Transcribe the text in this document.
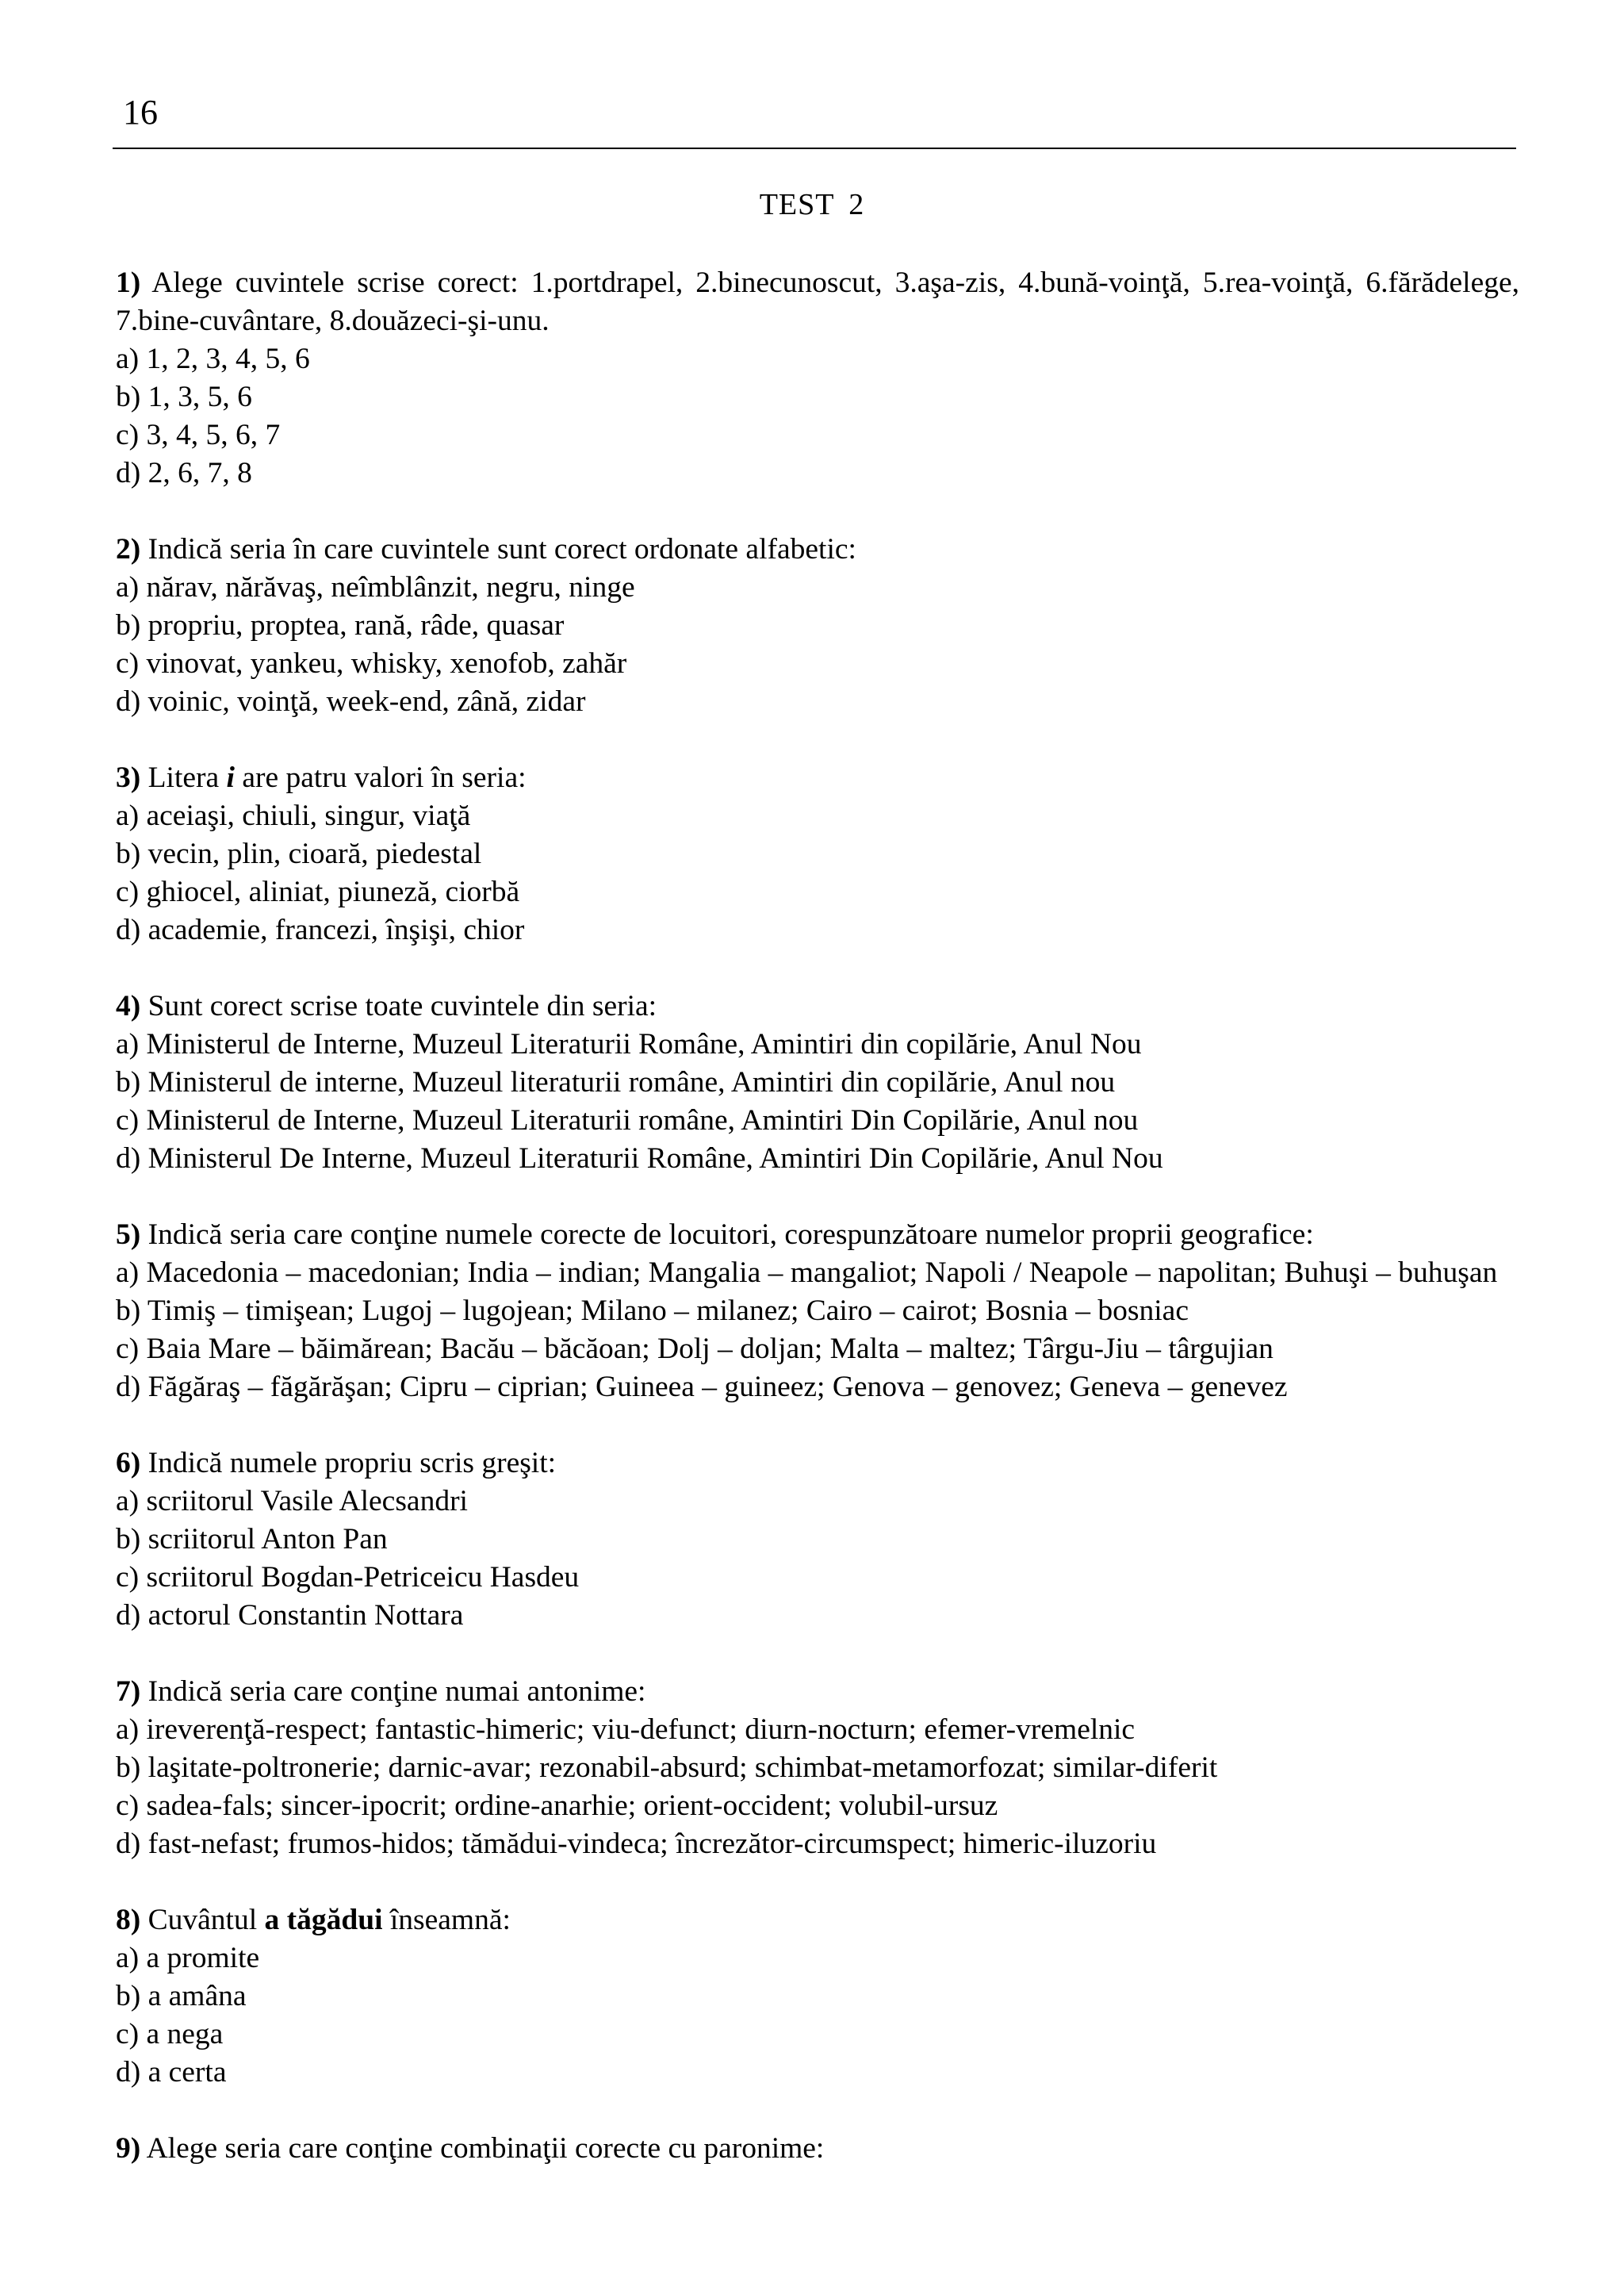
16
TEST 2
1) Alege cuvintele scrise corect: 1.portdrapel, 2.binecunoscut, 3.aşa-zis, 4.bună-voinţă, 5.rea-voinţă, 6.fărădelege, 7.bine-cuvântare, 8.douăzeci-şi-unu.
a) 1, 2, 3, 4, 5, 6
b) 1, 3, 5, 6
c) 3, 4, 5, 6, 7
d) 2, 6, 7, 8
2) Indică seria în care cuvintele sunt corect ordonate alfabetic:
a) nărav, nărăvaş, neîmblânzit, negru, ninge
b) propriu, proptea, rană, râde, quasar
c) vinovat, yankeu, whisky, xenofob, zahăr
d) voinic, voinţă, week-end, zână, zidar
3) Litera i are patru valori în seria:
a) aceiaşi, chiuli, singur, viaţă
b) vecin, plin, cioară, piedestal
c) ghiocel, aliniat, piuneză, ciorbă
d) academie, francezi, înşişi, chior
4) Sunt corect scrise toate cuvintele din seria:
a) Ministerul de Interne, Muzeul Literaturii Române, Amintiri din copilărie, Anul Nou
b) Ministerul de interne, Muzeul literaturii române, Amintiri din copilărie, Anul nou
c) Ministerul de Interne, Muzeul Literaturii române, Amintiri Din Copilărie, Anul nou
d) Ministerul De Interne, Muzeul Literaturii Române, Amintiri Din Copilărie, Anul Nou
5) Indică seria care conţine numele corecte de locuitori, corespunzătoare numelor proprii geografice:
a) Macedonia – macedonian; India – indian; Mangalia – mangaliot; Napoli / Neapole – napolitan; Buhuşi – buhuşan
b) Timiş – timişean; Lugoj – lugojean; Milano – milanez; Cairo – cairot; Bosnia – bosniac
c) Baia Mare – băimărean; Bacău – băcăoan; Dolj – doljan; Malta – maltez; Târgu-Jiu – târgujian
d) Făgăraş – făgărăşan; Cipru – ciprian; Guineea – guineez; Genova – genovez; Geneva – genevez
6) Indică numele propriu scris greşit:
a) scriitorul Vasile Alecsandri
b) scriitorul Anton Pan
c) scriitorul Bogdan-Petriceicu Hasdeu
d) actorul Constantin Nottara
7) Indică seria care conţine numai antonime:
a) ireverenţă-respect; fantastic-himeric; viu-defunct; diurn-nocturn; efemer-vremelnic
b) laşitate-poltronerie; darnic-avar; rezonabil-absurd; schimbat-metamorfozat; similar-diferit
c) sadea-fals; sincer-ipocrit; ordine-anarhie; orient-occident; volubil-ursuz
d) fast-nefast; frumos-hidos; tămădui-vindeca; încrezător-circumspect; himeric-iluzoriu
8) Cuvântul a tăgădui înseamnă:
a) a promite
b) a amâna
c) a nega
d) a certa
9) Alege seria care conţine combinaţii corecte cu paronime:
